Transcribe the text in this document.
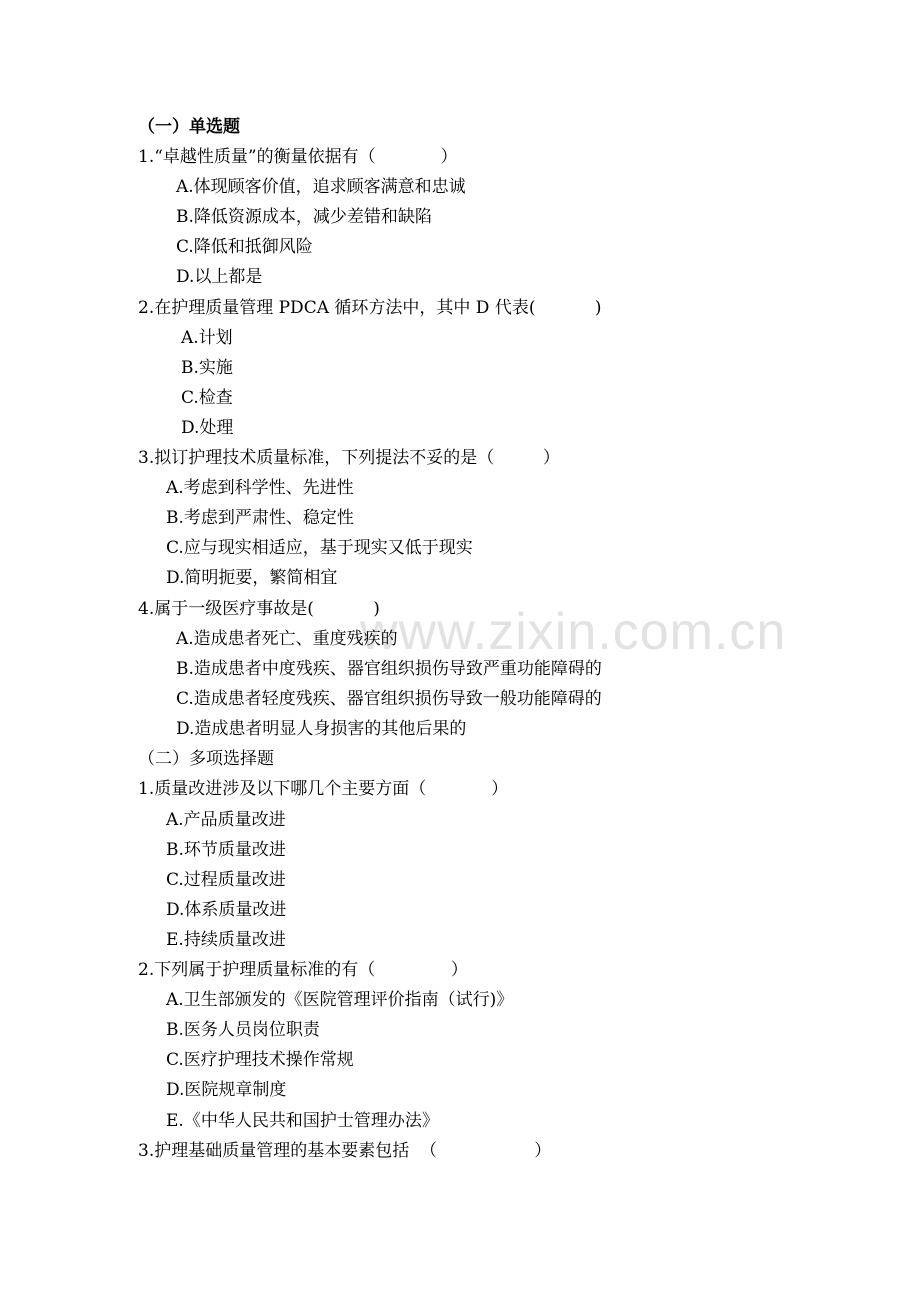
www.zixin.com.cn
（一）单选题
1.“卓越性质量”的衡量依据有（            ）
A.体现顾客价值，追求顾客满意和忠诚
B.降低资源成本，减少差错和缺陷
C.降低和抵御风险
D.以上都是
2.在护理质量管理 PDCA 循环方法中，其中 D 代表(           )
A.计划
B.实施
C.检查
D.处理
3.拟订护理技术质量标准，下列提法不妥的是（         ）
A.考虑到科学性、先进性
B.考虑到严肃性、稳定性
C.应与现实相适应，基于现实又低于现实
D.简明扼要，繁简相宜
4.属于一级医疗事故是(           )
A.造成患者死亡、重度残疾的
B.造成患者中度残疾、器官组织损伤导致严重功能障碍的
C.造成患者轻度残疾、器官组织损伤导致一般功能障碍的
D.造成患者明显人身损害的其他后果的
（二）多项选择题
1.质量改进涉及以下哪几个主要方面（            ）
A.产品质量改进
B.环节质量改进
C.过程质量改进
D.体系质量改进
E.持续质量改进
2.下列属于护理质量标准的有（              ）
A.卫生部颁发的《医院管理评价指南（试行)》
B.医务人员岗位职责
C.医疗护理技术操作常规
D.医院规章制度
E.《中华人民共和国护士管理办法》
3.护理基础质量管理的基本要素包括  （                  ）
